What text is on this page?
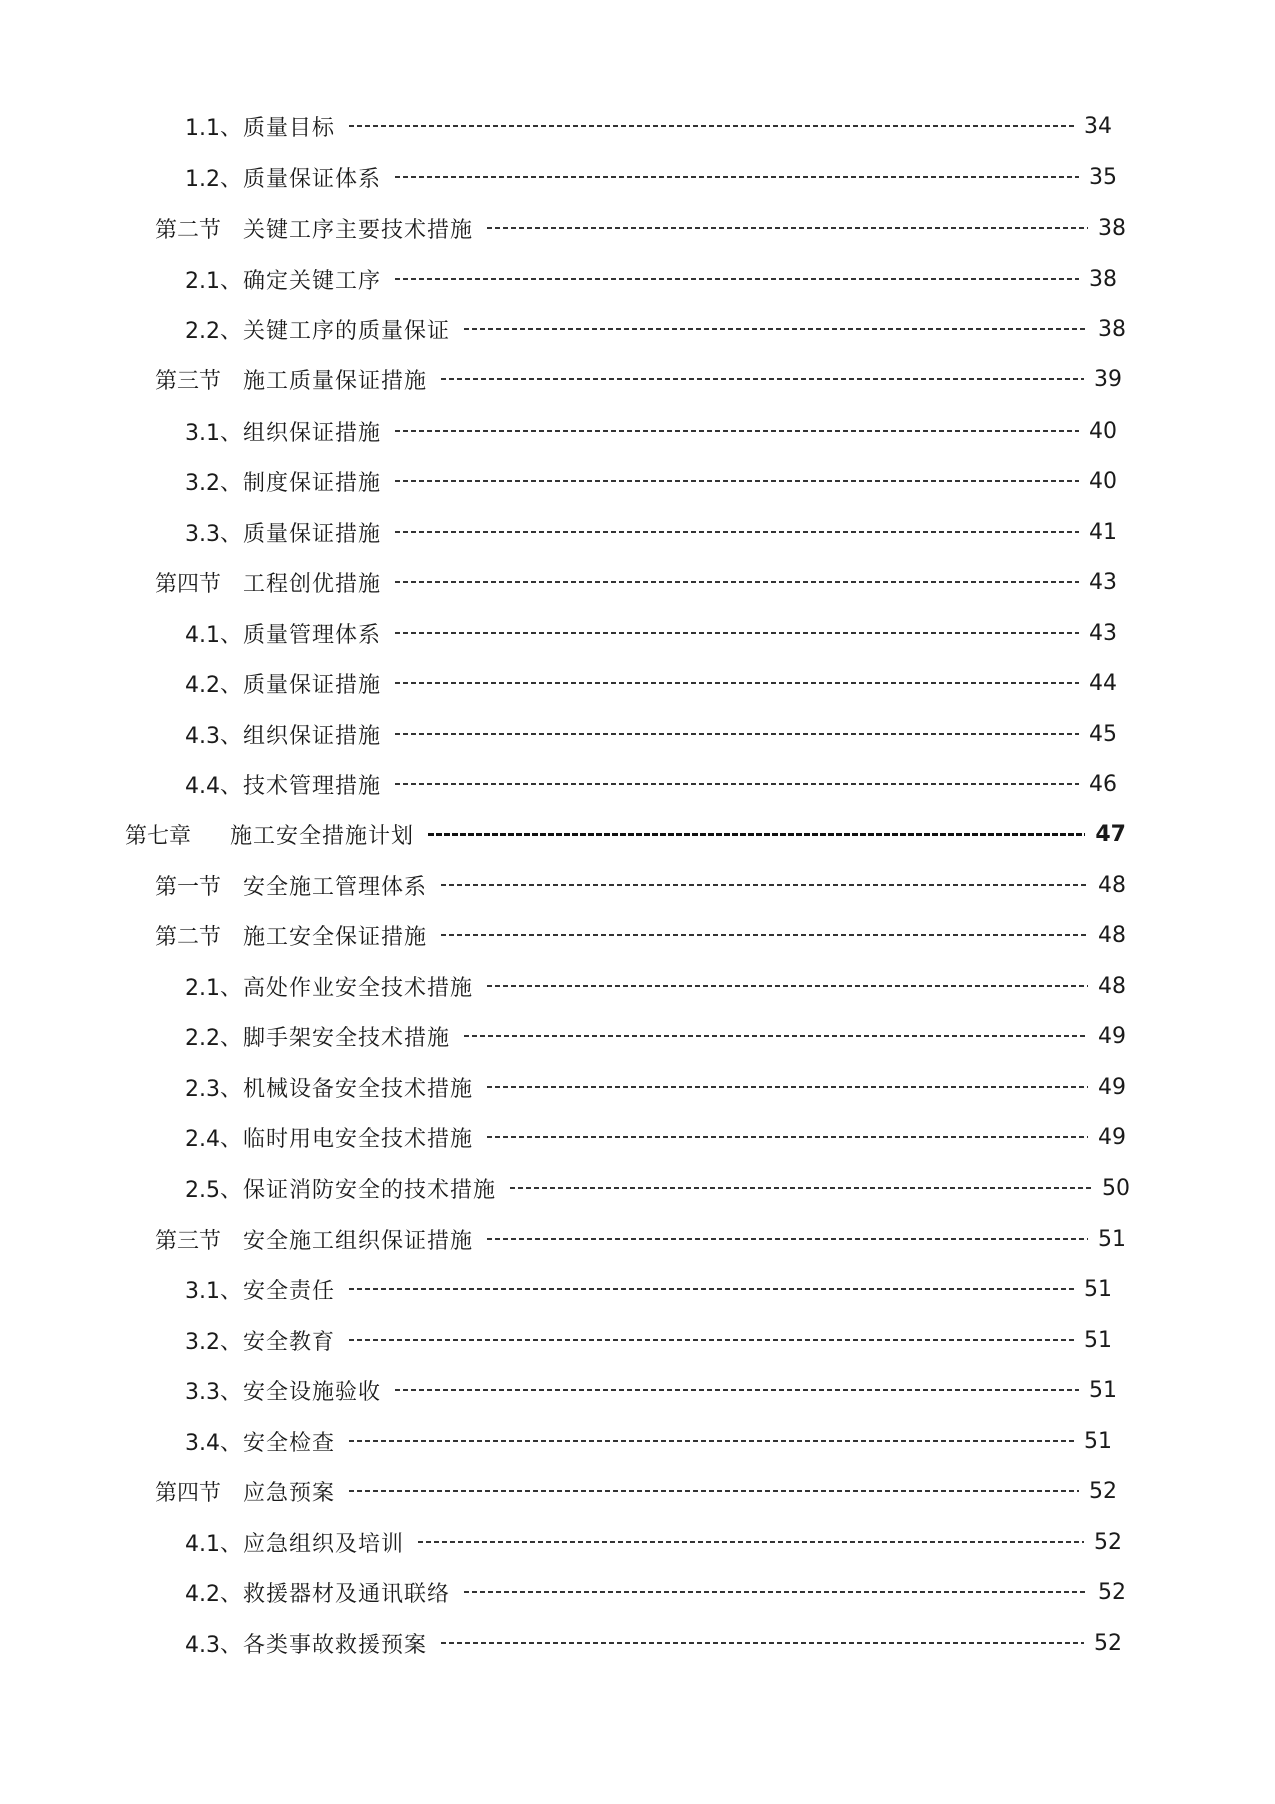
1.1、 质量目标	34
1.2、 质量保证体系	35
第二节 关键工序主要技术措施	38
2.1、 确定关键工序	38
2.2、 关键工序的质量保证	38
第三节 施工质量保证措施	39
3.1、 组织保证措施	40
3.2、 制度保证措施	40
3.3、 质量保证措施	41
第四节 工程创优措施	43
4.1、 质量管理体系	43
4.2、 质量保证措施	44
4.3、 组织保证措施	45
4.4、 技术管理措施	46
第七章	施工安全措施计划	47
第一节 安全施工管理体系	48
第二节 施工安全保证措施	48
2.1、 高处作业安全技术措施	48
2.2、 脚手架安全技术措施	49
2.3、 机械设备安全技术措施	49
2.4、 临时用电安全技术措施	49
2.5、 保证消防安全的技术措施	50
第三节 安全施工组织保证措施	51
3.1、 安全责任	51
3.2、 安全教育	51
3.3、 安全设施验收	51
3.4、 安全检查	51
第四节 应急预案	52
4.1、 应急组织及培训	52
4.2、 救援器材及通讯联络	52
4.3、 各类事故救援预案	52
